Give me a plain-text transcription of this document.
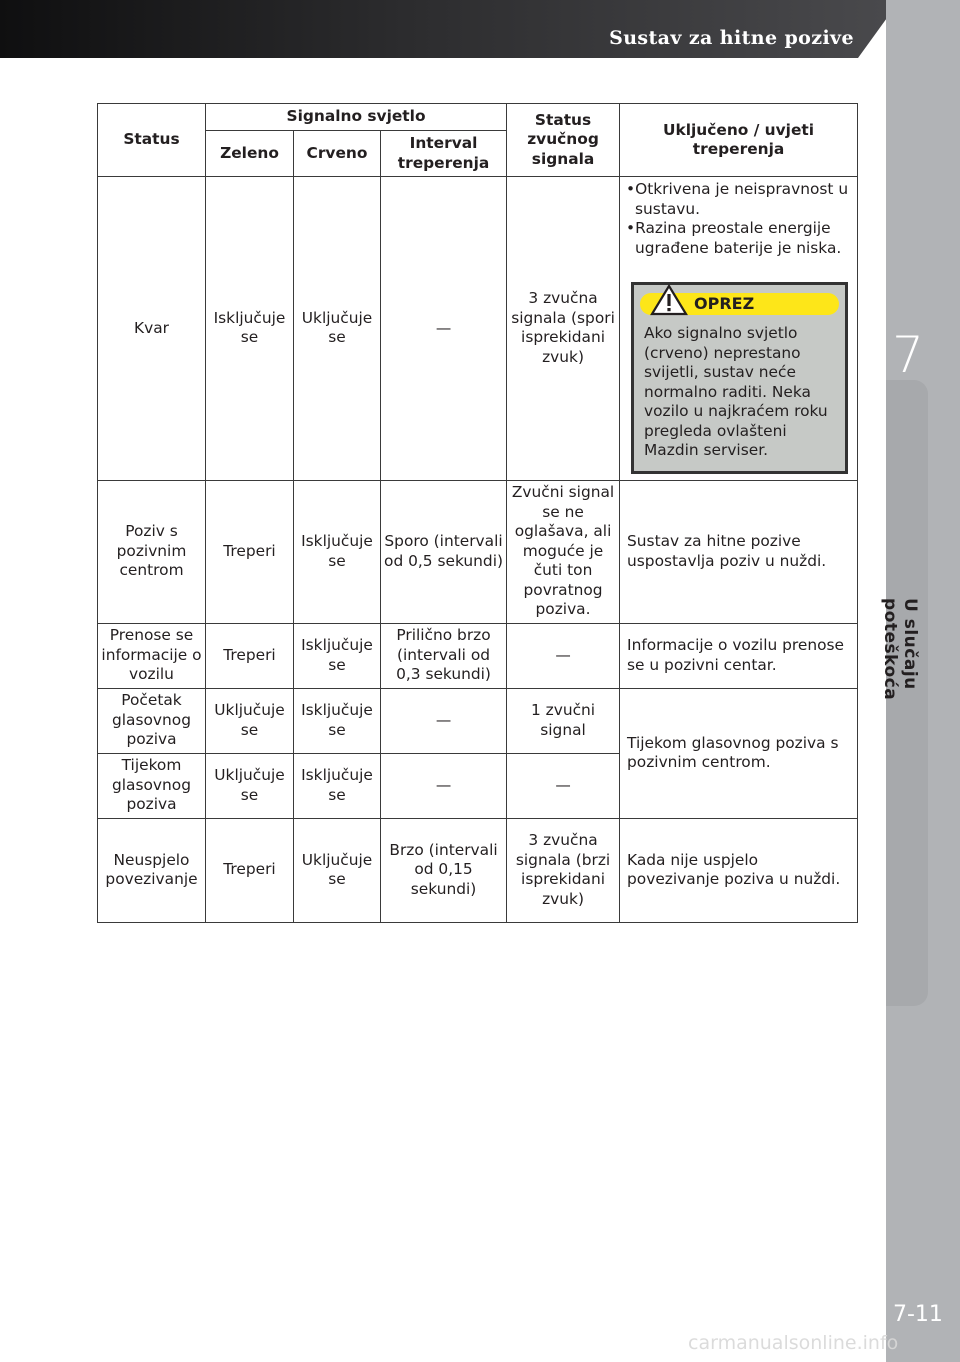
Sustav za hitne pozive
7
U slučaju poteškoća
Status	Signalno svjetlo			Status zvučnog signala	Uključeno / uvjeti treperenja
	Zeleno	Crveno	Interval treperenja		
Kvar	Isključuje se	Uključuje se	—	3 zvučna signala (spori isprekidani zvuk)	•Otkrivena je neispravnost u sustavu.
•Razina preostale energije ugrađene baterije je niska.
OPREZ
Ako signalno svjetlo (crveno) neprestano svijetli, sustav neće normalno raditi. Neka vozilo u najkraćem roku pregleda ovlašteni Mazdin serviser.

Poziv s pozivnim centrom	Treperi	Isključuje se	Sporo (intervali od 0,5 sekundi)	Zvučni signal se ne oglašava, ali moguće je čuti ton povratnog poziva.	Sustav za hitne pozive uspostavlja poziv u nuždi.
Prenose se informacije o vozilu	Treperi	Isključuje se	Prilično brzo (intervali od 0,3 sekundi)	—	Informacije o vozilu prenose se u pozivni centar.
Početak glasovnog poziva	Uključuje se	Isključuje se	—	1 zvučni signal	Tijekom glasovnog poziva s pozivnim centrom.
Tijekom glasovnog poziva	Uključuje se	Isključuje se	—	—	
Neuspjelo povezivanje	Treperi	Uključuje se	Brzo (intervali od 0,15 sekundi)	3 zvučna signala (brzi isprekidani zvuk)	Kada nije uspjelo povezivanje poziva u nuždi.
7-11
carmanualsonline.info
